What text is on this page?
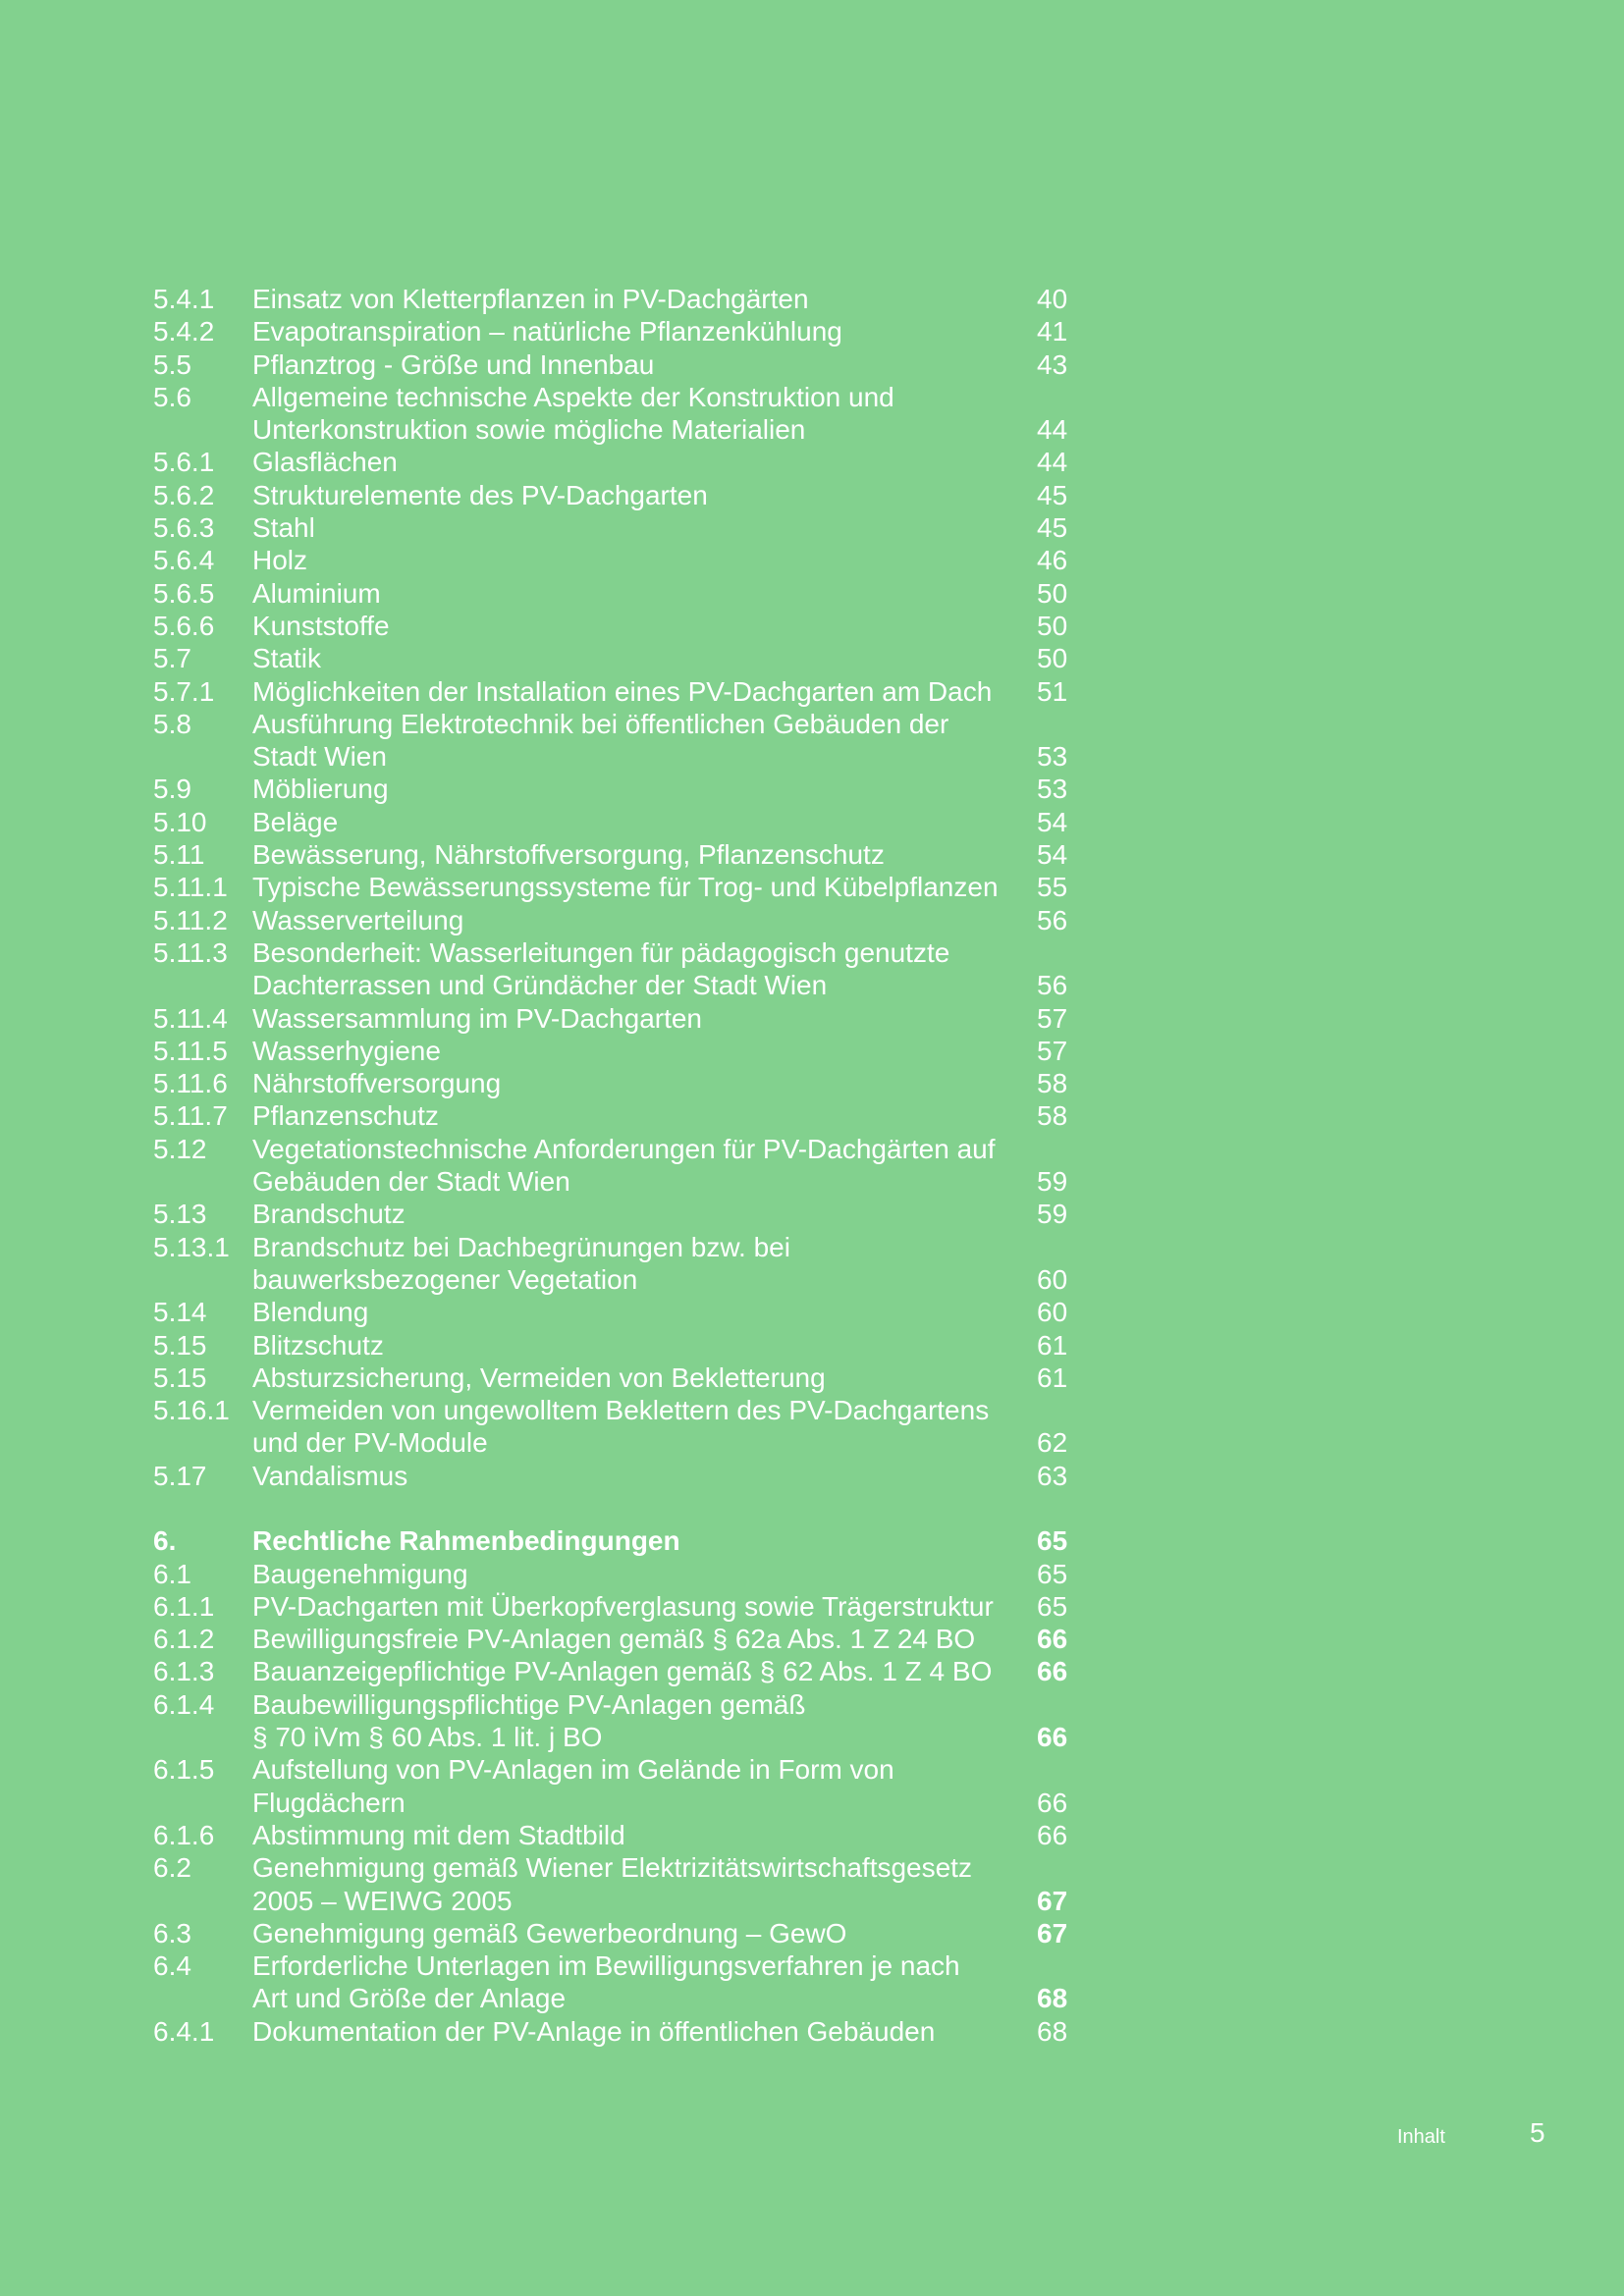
5.4.1	Einsatz von Kletterpflanzen in PV-Dachgärten	40
5.4.2	Evapotranspiration – natürliche Pflanzenkühlung	41
5.5	Pflanztrog - Größe und Innenbau	43
5.6	Allgemeine technische Aspekte der Konstruktion und
Unterkonstruktion sowie mögliche Materialien	44
5.6.1	Glasflächen	44
5.6.2	Strukturelemente des PV-Dachgarten	45
5.6.3	Stahl	45
5.6.4	Holz	46
5.6.5	Aluminium	50
5.6.6	Kunststoffe	50
5.7	Statik	50
5.7.1	Möglichkeiten der Installation eines PV-Dachgarten am Dach	51
5.8	Ausführung Elektrotechnik bei öffentlichen Gebäuden der
Stadt Wien	53
5.9	Möblierung	53
5.10	Beläge	54
5.11	Bewässerung, Nährstoffversorgung, Pflanzenschutz	54
5.11.1 Typische Bewässerungssysteme für Trog- und Kübelpflanzen	55
5.11.2 Wasserverteilung	56
5.11.3 Besonderheit: Wasserleitungen für pädagogisch genutzte
Dachterrassen und Gründächer der Stadt Wien	56
5.11.4 Wassersammlung im PV-Dachgarten	57
5.11.5 Wasserhygiene	57
5.11.6 Nährstoffversorgung	58
5.11.7 Pflanzenschutz	58
5.12	Vegetationstechnische Anforderungen für PV-Dachgärten auf
Gebäuden der Stadt Wien	59
5.13	Brandschutz	59
5.13.1 Brandschutz bei Dachbegrünungen bzw. bei
bauwerksbezogener Vegetation	60
5.14	Blendung	60
5.15	Blitzschutz	61
5.15	Absturzsicherung, Vermeiden von Bekletterung	61
5.16.1 Vermeiden von ungewolltem Beklettern des PV-Dachgartens
und der PV-Module	62
5.17	Vandalismus	63
6.	Rechtliche Rahmenbedingungen	65
6.1	Baugenehmigung	65
6.1.1	PV-Dachgarten mit Überkopfverglasung sowie Trägerstruktur	65
6.1.2	Bewilligungsfreie PV-Anlagen gemäß § 62a Abs. 1 Z 24 BO	66
6.1.3	Bauanzeigepflichtige PV-Anlagen gemäß § 62 Abs. 1 Z 4 BO	66
6.1.4	Baubewilligungspflichtige PV-Anlagen gemäß
§ 70 iVm § 60 Abs. 1 lit. j BO	66
6.1.5	Aufstellung von PV-Anlagen im Gelände in Form von
Flugdächern	66
6.1.6	Abstimmung mit dem Stadtbild	66
6.2	Genehmigung gemäß Wiener Elektrizitätswirtschaftsgesetz
2005 – WEIWG 2005	67
6.3	Genehmigung gemäß Gewerbeordnung – GewO	67
6.4	Erforderliche Unterlagen im Bewilligungsverfahren je nach
Art und Größe der Anlage	68
6.4.1	Dokumentation der PV-Anlage in öffentlichen Gebäuden	68
Inhalt	5
